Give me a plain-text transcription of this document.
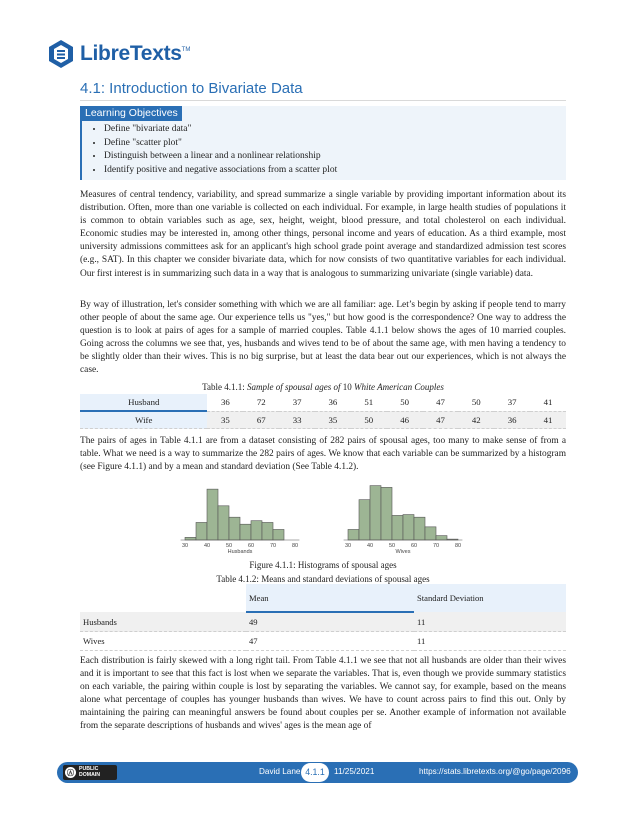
LibreTexts TM
4.1: Introduction to Bivariate Data
Learning Objectives
• Define "bivariate data"
• Define "scatter plot"
• Distinguish between a linear and a nonlinear relationship
• Identify positive and negative associations from a scatter plot

Measures of central tendency, variability, and spread summarize a single variable by providing important information about its distribution. Often, more than one variable is collected on each individual. For example, in large health studies of populations it is common to obtain variables such as age, sex, height, weight, blood pressure, and total cholesterol on each individual. Economic studies may be interested in, among other things, personal income and years of education. As a third example, most university admissions committees ask for an applicant's high school grade point average and standardized admission test scores (e.g., SAT). In this chapter we consider bivariate data, which for now consists of two quantitative variables for each individual. Our first interest is in summarizing such data in a way that is analogous to summarizing univariate (single variable) data.

By way of illustration, let's consider something with which we are all familiar: age. Let’s begin by asking if people tend to marry other people of about the same age. Our experience tells us "yes," but how good is the correspondence? One way to address the question is to look at pairs of ages for a sample of married couples. Table 4.1.1 below shows the ages of 10 married couples. Going across the columns we see that, yes, husbands and wives tend to be of about the same age, with men having a tendency to be slightly older than their wives. This is no big surprise, but at least the data bear out our experiences, which is not always the case.

Table 4.1.1: Sample of spousal ages of 10 White American Couples

Husband	36	72	37	36	51	50	47	50	37	41
Wife	35	67	33	35	50	46	47	42	36	41

The pairs of ages in Table 4.1.1 are from a dataset consisting of 282 pairs of spousal ages, too many to make sense of from a table. What we need is a way to summarize the 282 pairs of ages. We know that each variable can be summarized by a histogram (see Figure 4.1.1) and by a mean and standard deviation (See Table 4.1.2).

30	40	50	60	70	80
Husbands
30	40	50	60	70	80
Wives

Figure 4.1.1: Histograms of spousal ages

Table 4.1.2: Means and standard deviations of spousal ages

	Mean	Standard Deviation
Husbands	49	11
Wives	47	11

Each distribution is fairly skewed with a long right tail. From Table 4.1.1 we see that not all husbands are older than their wives and it is important to see that this fact is lost when we separate the variables. That is, even though we provide summary statistics on each variable, the pairing within couple is lost by separating the variables. We cannot say, for example, based on the means alone what percentage of couples has younger husbands than wives. We have to count across pairs to find this out. Only by maintaining the pairing can meaningful answers be found about couples per se. Another example of information not available from the separate descriptions of husbands and wives' ages is the mean age of

Ⓐ
PUBLIC
DOMAIN	David Lane 4.1.1	11/25/2021	https://stats.libretexts.org/@go/page/2096
